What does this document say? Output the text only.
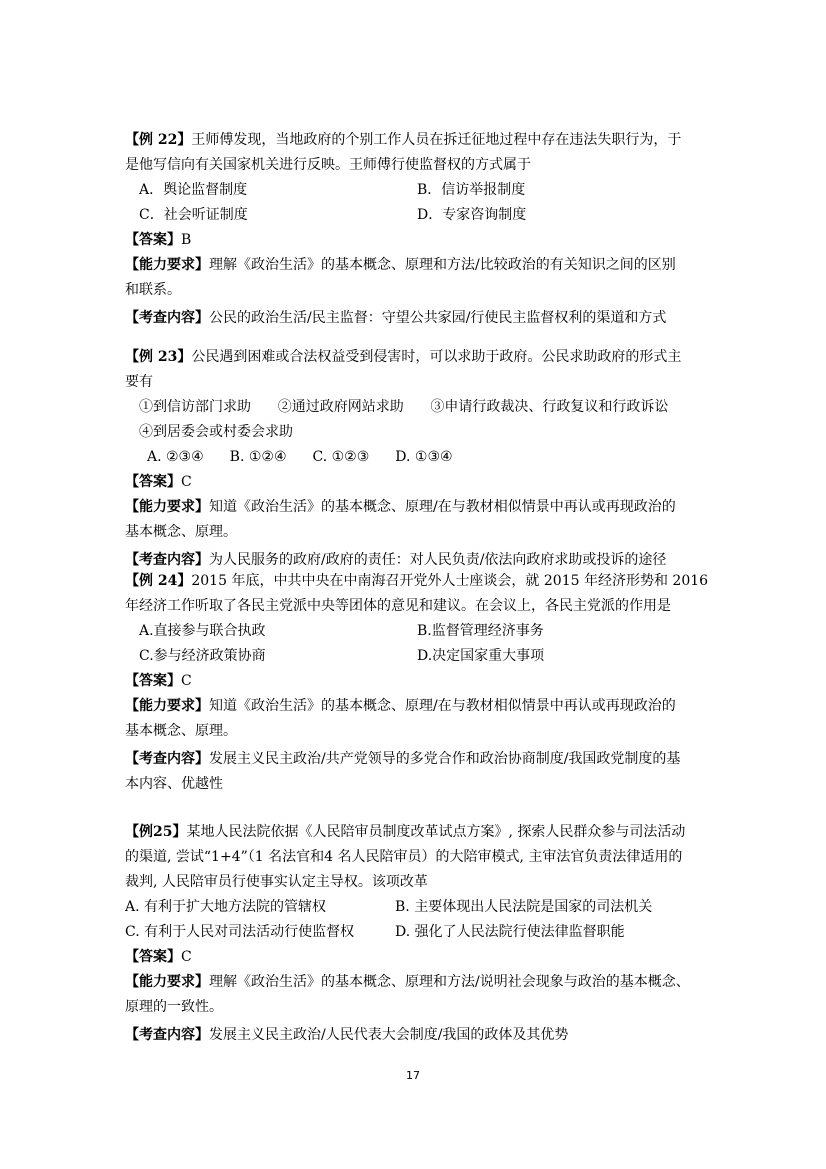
【例 22】王师傅发现，当地政府的个别工作人员在拆迁征地过程中存在违法失职行为，于
是他写信向有关国家机关进行反映。王师傅行使监督权的方式属于
A．舆论监督制度	B．信访举报制度
C．社会听证制度	D．专家咨询制度
【答案】B
【能力要求】理解《政治生活》的基本概念、原理和方法/比较政治的有关知识之间的区别
和联系。
【考查内容】公民的政治生活/民主监督：守望公共家园/行使民主监督权利的渠道和方式
【例 23】公民遇到困难或合法权益受到侵害时，可以求助于政府。公民求助政府的形式主
要有
①到信访部门求助 ②通过政府网站求助 ③申请行政裁决、行政复议和行政诉讼
④到居委会或村委会求助
A. ②③④ B. ①②④ C. ①②③ D. ①③④
【答案】C
【能力要求】知道《政治生活》的基本概念、原理/在与教材相似情景中再认或再现政治的
基本概念、原理。
【考查内容】为人民服务的政府/政府的责任：对人民负责/依法向政府求助或投诉的途径
【例 24】2015 年底，中共中央在中南海召开党外人士座谈会，就 2015 年经济形势和 2016
年经济工作听取了各民主党派中央等团体的意见和建议。在会议上，各民主党派的作用是
A.直接参与联合执政	B.监督管理经济事务
C.参与经济政策协商	D.决定国家重大事项
【答案】C
【能力要求】知道《政治生活》的基本概念、原理/在与教材相似情景中再认或再现政治的
基本概念、原理。
【考查内容】发展主义民主政治/共产党领导的多党合作和政治协商制度/我国政党制度的基
本内容、优越性
【例25】某地人民法院依据《人民陪审员制度改革试点方案》, 探索人民群众参与司法活动
的渠道, 尝试“1+4”（1 名法官和4 名人民陪审员）的大陪审模式, 主审法官负责法律适用的
裁判, 人民陪审员行使事实认定主导权。该项改革
A. 有利于扩大地方法院的管辖权	B. 主要体现出人民法院是国家的司法机关
C. 有利于人民对司法活动行使监督权	D. 强化了人民法院行使法律监督职能
【答案】C
【能力要求】理解《政治生活》的基本概念、原理和方法/说明社会现象与政治的基本概念、
原理的一致性。
【考查内容】发展主义民主政治/人民代表大会制度/我国的政体及其优势
17
